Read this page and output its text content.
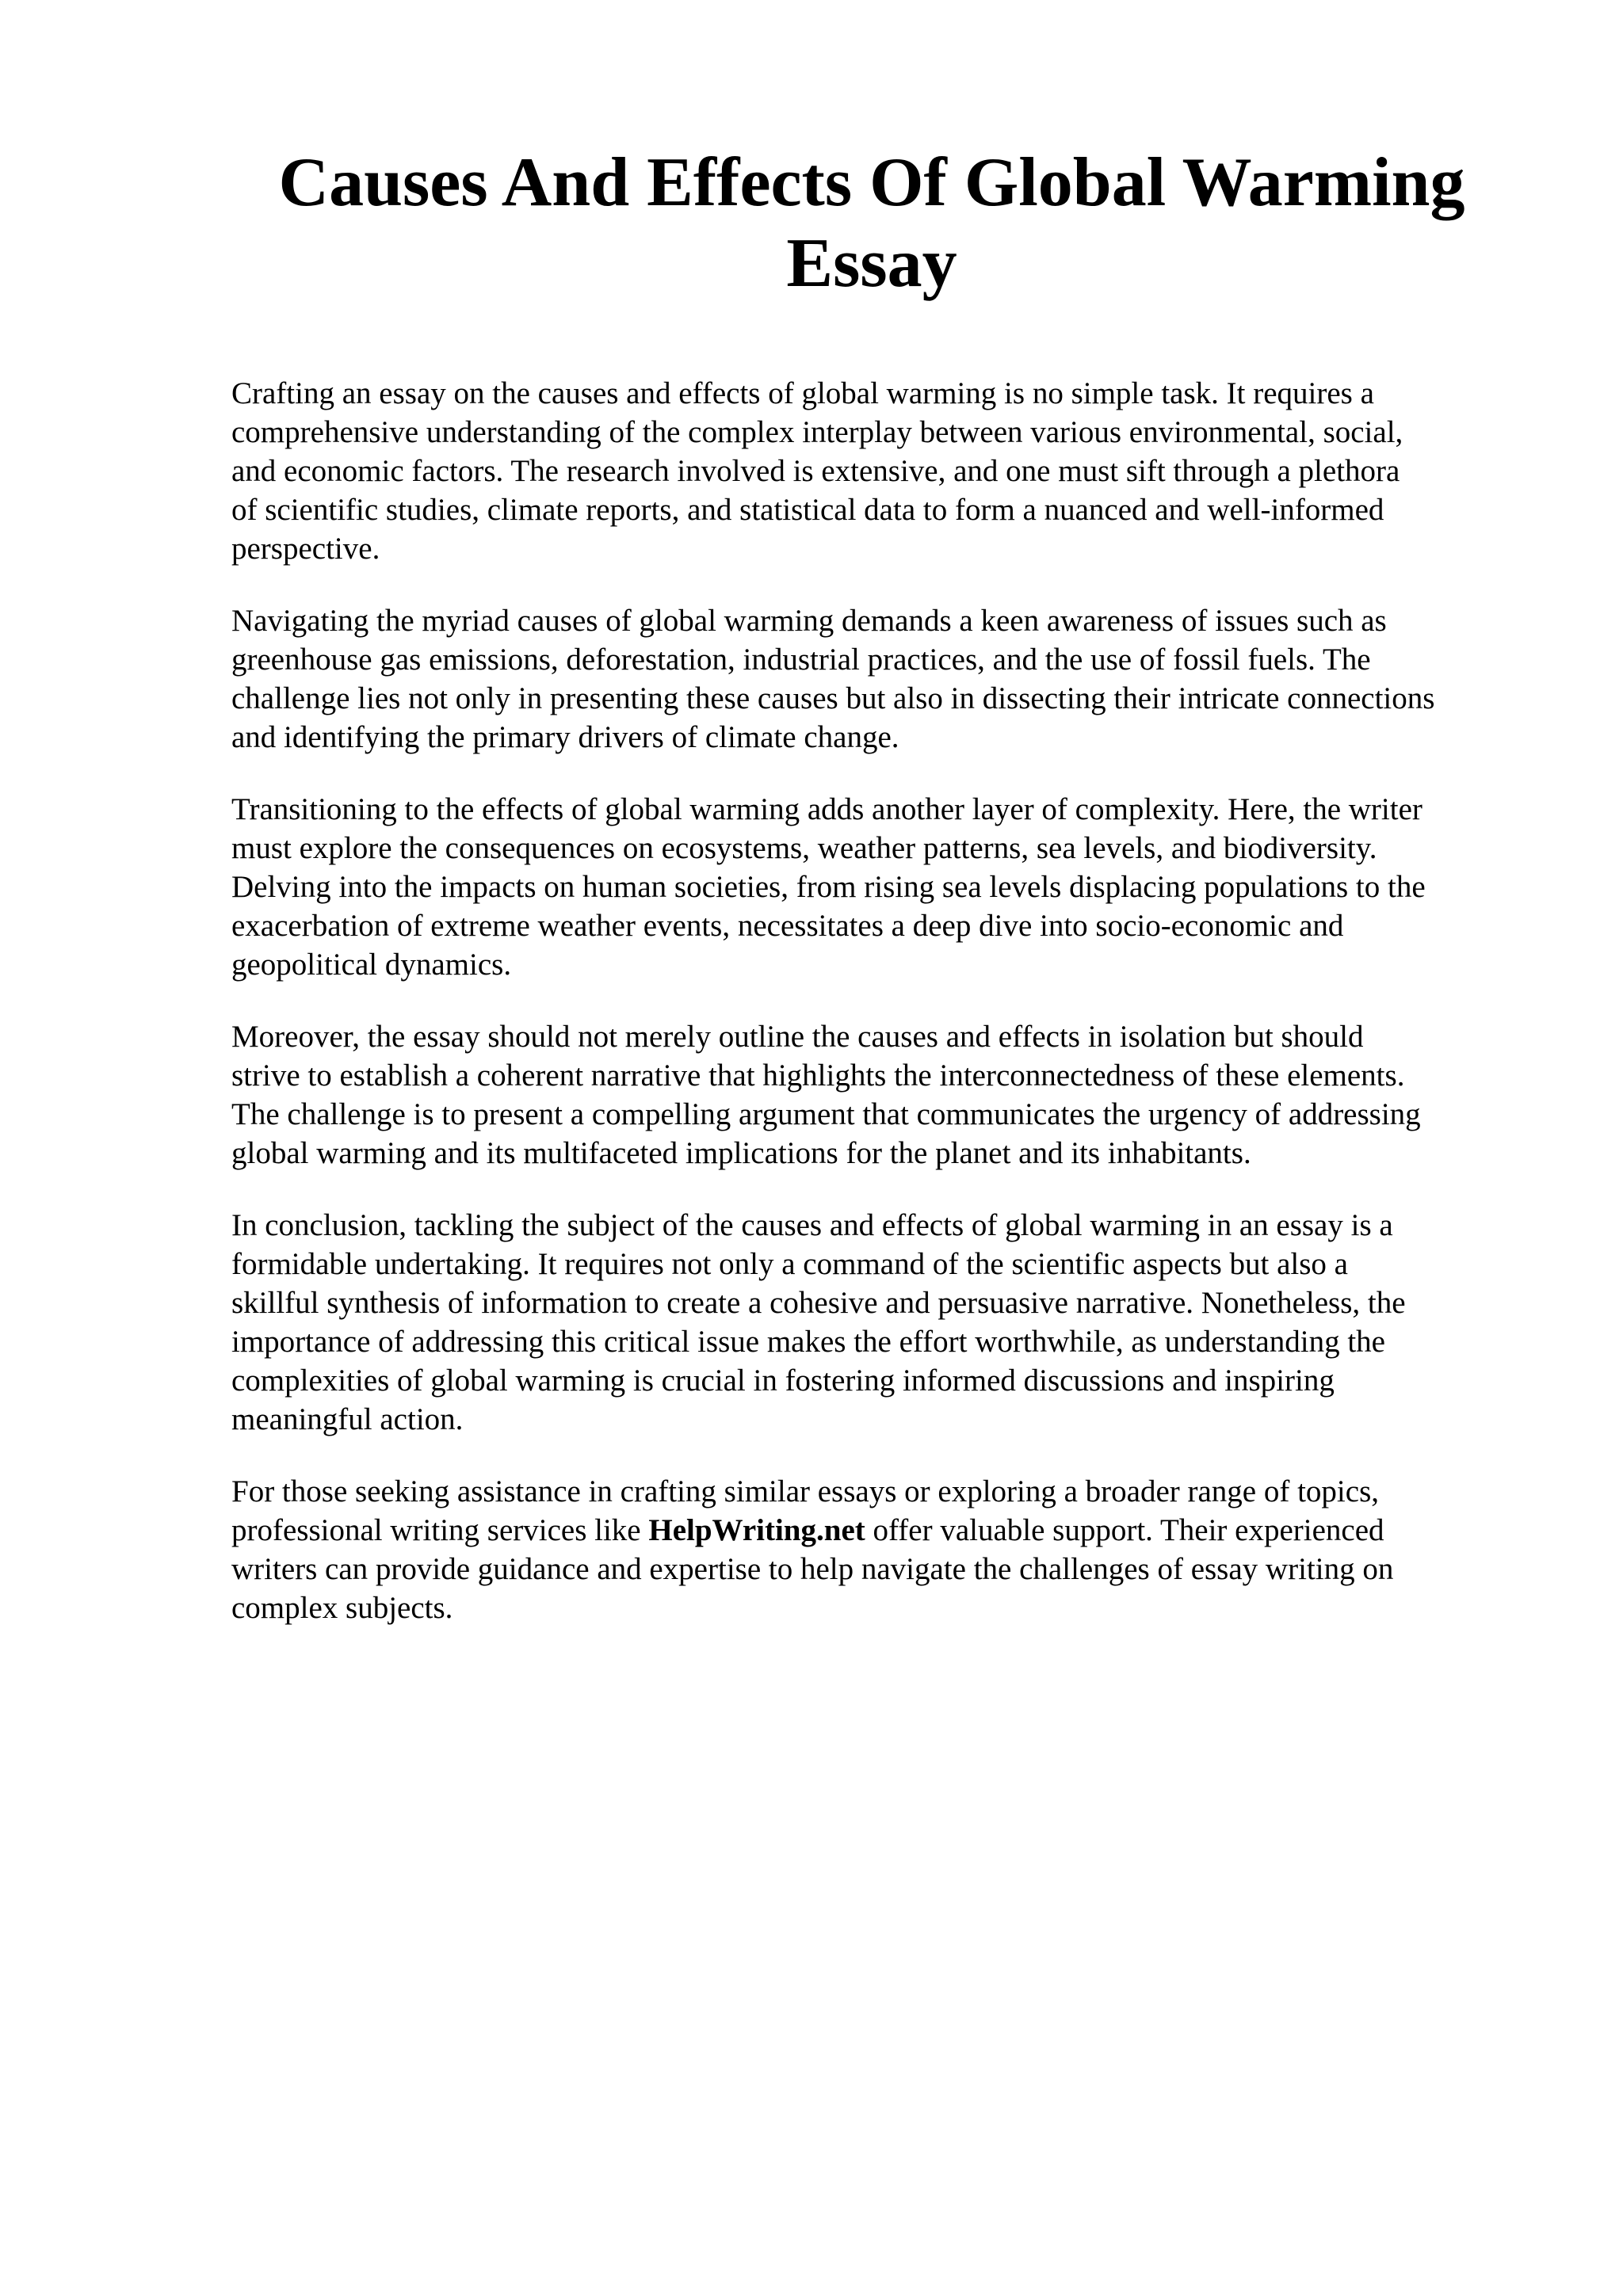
Causes And Effects Of Global Warming
Essay

Crafting an essay on the causes and effects of global warming is no simple task. It requires a
comprehensive understanding of the complex interplay between various environmental, social,
and economic factors. The research involved is extensive, and one must sift through a plethora
of scientific studies, climate reports, and statistical data to form a nuanced and well-informed
perspective.

Navigating the myriad causes of global warming demands a keen awareness of issues such as
greenhouse gas emissions, deforestation, industrial practices, and the use of fossil fuels. The
challenge lies not only in presenting these causes but also in dissecting their intricate connections
and identifying the primary drivers of climate change.

Transitioning to the effects of global warming adds another layer of complexity. Here, the writer
must explore the consequences on ecosystems, weather patterns, sea levels, and biodiversity.
Delving into the impacts on human societies, from rising sea levels displacing populations to the
exacerbation of extreme weather events, necessitates a deep dive into socio-economic and
geopolitical dynamics.

Moreover, the essay should not merely outline the causes and effects in isolation but should
strive to establish a coherent narrative that highlights the interconnectedness of these elements.
The challenge is to present a compelling argument that communicates the urgency of addressing
global warming and its multifaceted implications for the planet and its inhabitants.

In conclusion, tackling the subject of the causes and effects of global warming in an essay is a
formidable undertaking. It requires not only a command of the scientific aspects but also a
skillful synthesis of information to create a cohesive and persuasive narrative. Nonetheless, the
importance of addressing this critical issue makes the effort worthwhile, as understanding the
complexities of global warming is crucial in fostering informed discussions and inspiring
meaningful action.

For those seeking assistance in crafting similar essays or exploring a broader range of topics,
professional writing services like HelpWriting.net offer valuable support. Their experienced
writers can provide guidance and expertise to help navigate the challenges of essay writing on
complex subjects.
